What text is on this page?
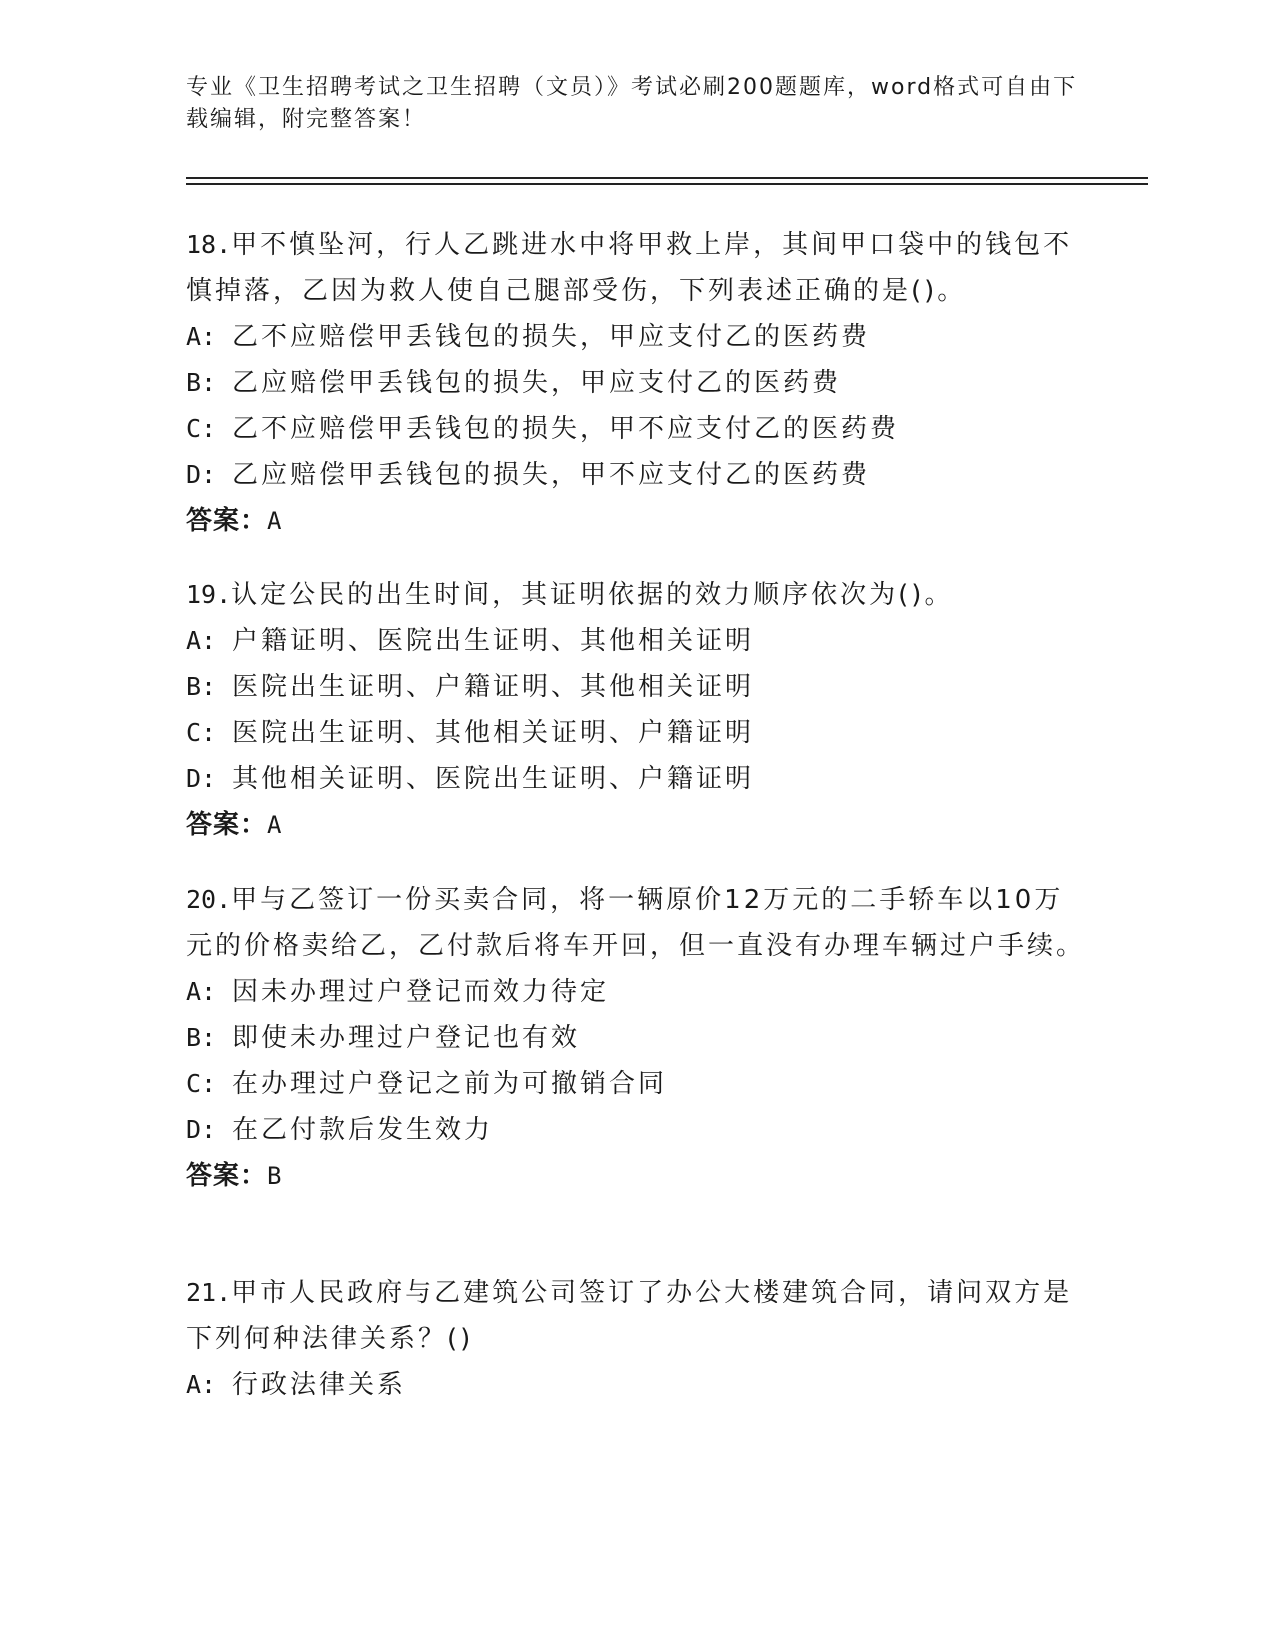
专业《卫生招聘考试之卫生招聘（文员）》考试必刷200题题库，word格式可自由下载编辑，附完整答案！

18.甲不慎坠河，行人乙跳进水中将甲救上岸，其间甲口袋中的钱包不慎掉落，乙因为救人使自己腿部受伤，下列表述正确的是()。

A: 乙不应赔偿甲丢钱包的损失，甲应支付乙的医药费

B: 乙应赔偿甲丢钱包的损失，甲应支付乙的医药费

C: 乙不应赔偿甲丢钱包的损失，甲不应支付乙的医药费

D: 乙应赔偿甲丢钱包的损失，甲不应支付乙的医药费

答案：A

19.认定公民的出生时间，其证明依据的效力顺序依次为()。

A: 户籍证明、医院出生证明、其他相关证明

B: 医院出生证明、户籍证明、其他相关证明

C: 医院出生证明、其他相关证明、户籍证明

D: 其他相关证明、医院出生证明、户籍证明

答案：A

20.甲与乙签订一份买卖合同，将一辆原价12万元的二手轿车以10万元的价格卖给乙，乙付款后将车开回，但一直没有办理车辆过户手续。

A: 因未办理过户登记而效力待定

B: 即使未办理过户登记也有效

C: 在办理过户登记之前为可撤销合同

D: 在乙付款后发生效力

答案：B

21.甲市人民政府与乙建筑公司签订了办公大楼建筑合同，请问双方是下列何种法律关系？()

A: 行政法律关系
